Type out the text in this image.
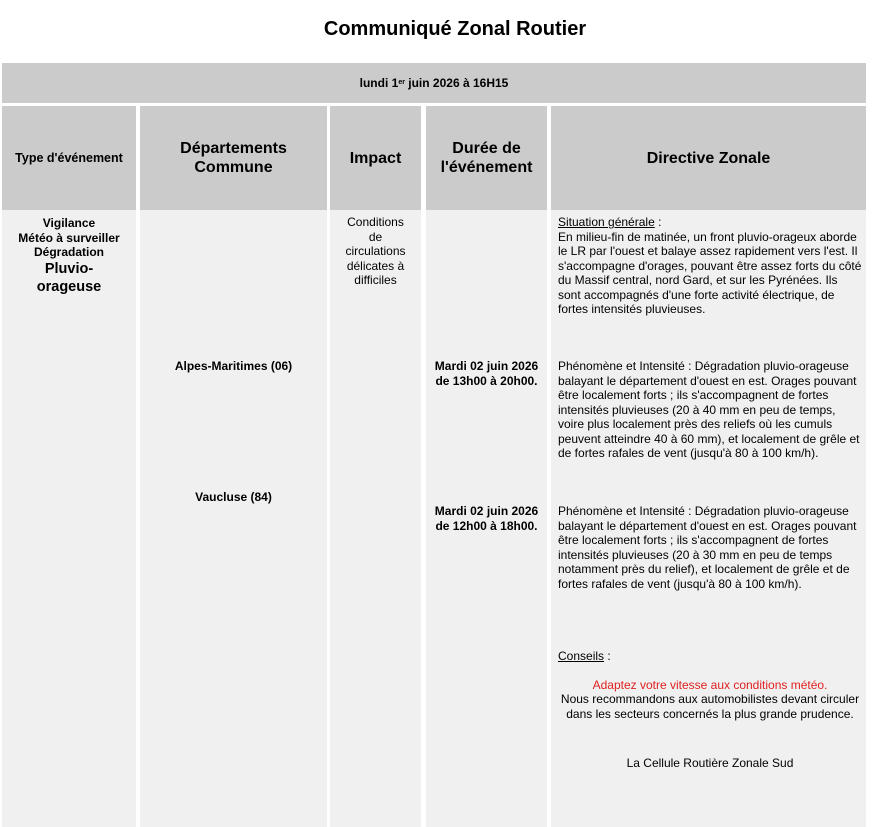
Communiqué Zonal Routier
lundi 1er juin 2026 à 16H15
Type d'événement
Vigilance
Météo à surveiller
Dégradation
Pluvio-
orageuse
Départements
Commune
Alpes-Maritimes (06)
Vaucluse (84)
Impact
Conditions
de
circulations
délicates à
difficiles
Durée de
l'événement
Mardi 02 juin 2026
de 13h00 à 20h00.
Mardi 02 juin 2026
de 12h00 à 18h00.
Directive Zonale
Situation générale :
En milieu-fin de matinée, un front pluvio-orageux aborde le LR par l'ouest et balaye assez rapidement vers l'est. Il s'accompagne d'orages, pouvant être assez forts du côté du Massif central, nord Gard, et sur les Pyrénées. Ils sont accompagnés d'une forte activité électrique, de fortes intensités pluvieuses.
Phénomène et Intensité : Dégradation pluvio-orageuse balayant le département d'ouest en est. Orages pouvant être localement forts ; ils s'accompagnent de fortes intensités pluvieuses (20 à 40 mm en peu de temps, voire plus localement près des reliefs où les cumuls peuvent atteindre 40 à 60 mm), et localement de grêle et de fortes rafales de vent (jusqu'à 80 à 100 km/h).
Phénomène et Intensité : Dégradation pluvio-orageuse balayant le département d'ouest en est. Orages pouvant être localement forts ; ils s'accompagnent de fortes intensités pluvieuses (20 à 30 mm en peu de temps notamment près du relief), et localement de grêle et de fortes rafales de vent (jusqu'à 80 à 100 km/h).
Conseils :
Adaptez votre vitesse aux conditions météo.
Nous recommandons aux automobilistes devant circuler dans les secteurs concernés la plus grande prudence.
La Cellule Routière Zonale Sud
